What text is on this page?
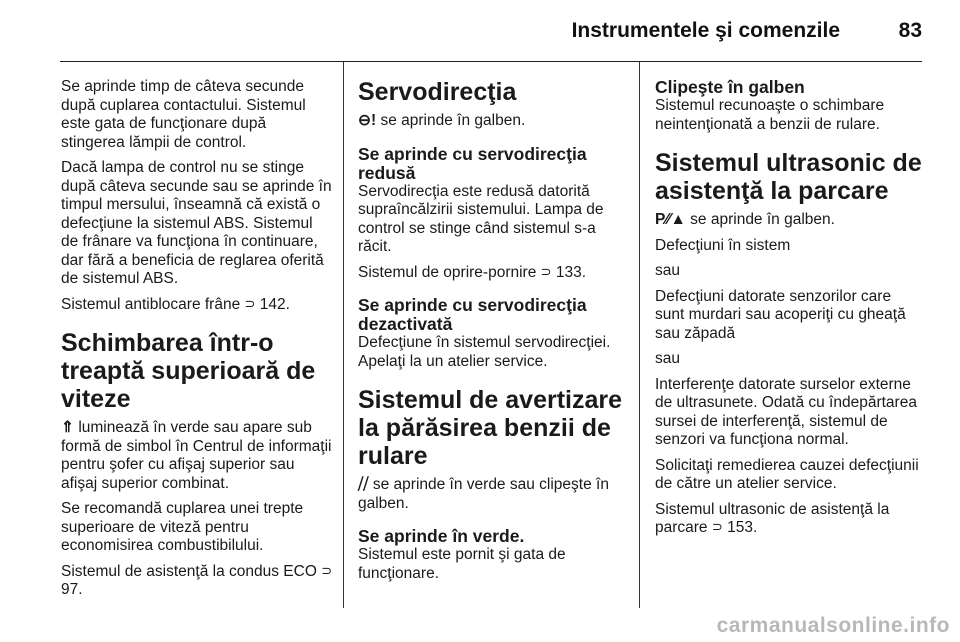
Instrumentele şi comenzile	83

Se aprinde timp de câteva secunde după cuplarea contactului. Sistemul este gata de funcţionare după stingerea lămpii de control.

Dacă lampa de control nu se stinge după câteva secunde sau se aprinde în timpul mersului, înseamnă că există o defecţiune la sistemul ABS. Sistemul de frânare va funcţiona în continuare, dar fără a beneficia de reglarea oferită de sistemul ABS.

Sistemul antiblocare frâne ⊃ 142.

Schimbarea într-o treaptă superioară de viteze

⇑ luminează în verde sau apare sub formă de simbol în Centrul de informaţii pentru şofer cu afişaj superior sau afişaj superior combinat.

Se recomandă cuplarea unei trepte superioare de viteză pentru economisirea combustibilului.

Sistemul de asistenţă la condus ECO ⊃ 97.

Servodirecţia

⊖! se aprinde în galben.

Se aprinde cu servodirecţia redusă

Servodirecţia este redusă datorită supraîncălzirii sistemului. Lampa de control se stinge când sistemul s-a răcit.

Sistemul de oprire-pornire ⊃ 133.

Se aprinde cu servodirecţia dezactivată

Defecţiune în sistemul servodirecţiei. Apelaţi la un atelier service.

Sistemul de avertizare la părăsirea benzii de rulare

⧸⧸ se aprinde în verde sau clipeşte în galben.

Se aprinde în verde.

Sistemul este pornit şi gata de funcţionare.

Clipeşte în galben

Sistemul recunoaşte o schimbare neintenţionată a benzii de rulare.

Sistemul ultrasonic de asistenţă la parcare

P⁄⁄▲ se aprinde în galben.

Defecţiuni în sistem

sau

Defecţiuni datorate senzorilor care sunt murdari sau acoperiţi cu gheaţă sau zăpadă

sau

Interferenţe datorate surselor externe de ultrasunete. Odată cu îndepărtarea sursei de interferenţă, sistemul de senzori va funcţiona normal.

Solicitaţi remedierea cauzei defecţiunii de către un atelier service.

Sistemul ultrasonic de asistenţă la parcare ⊃ 153.

carmanualsonline.info
